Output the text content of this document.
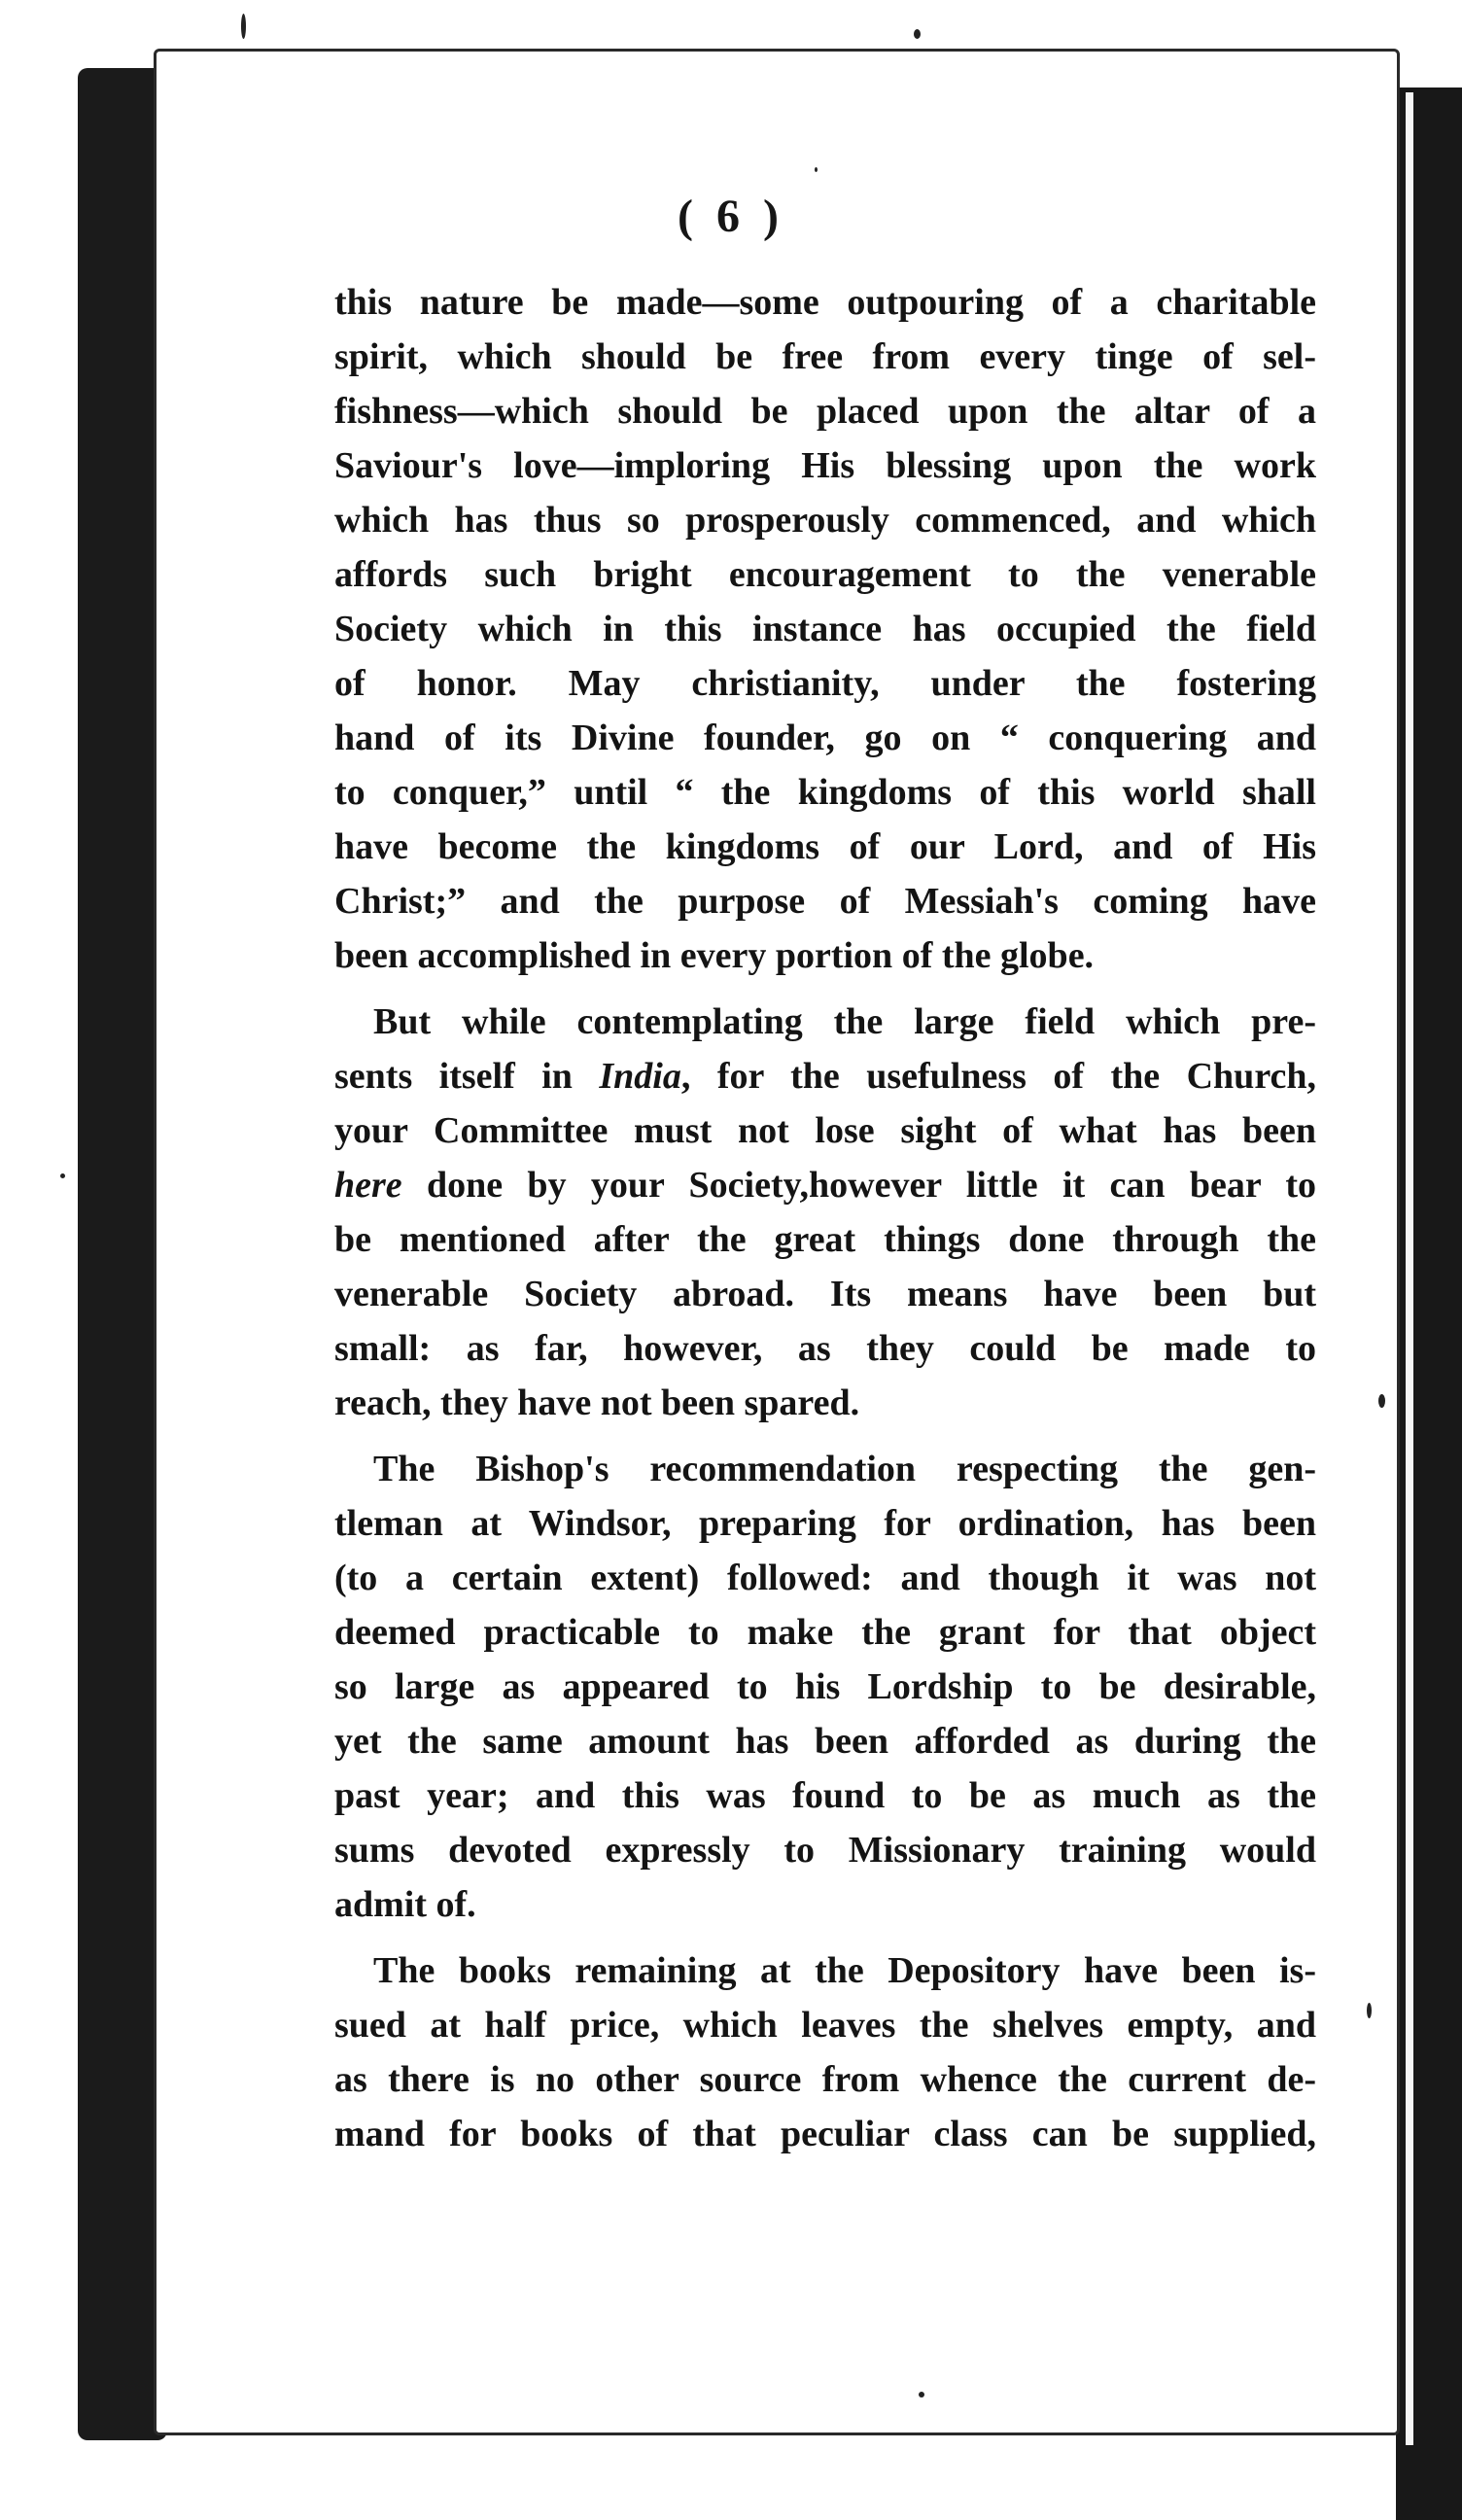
( 6 )
this nature be made—some outpouring of a charitable
spirit, which should be free from every tinge of sel-
fishness—which should be placed upon the altar of a
Saviour's love—imploring His blessing upon the work
which has thus so prosperously commenced, and which
affords such bright encouragement to the venerable
Society which in this instance has occupied the field
of honor. May christianity, under the fostering
hand of its Divine founder, go on “ conquering and
to conquer,” until “ the kingdoms of this world shall
have become the kingdoms of our Lord, and of His
Christ;” and the purpose of Messiah's coming have
been accomplished in every portion of the globe.
But while contemplating the large field which pre-
sents itself in India, for the usefulness of the Church,
your Committee must not lose sight of what has been
here done by your Society,however little it can bear to
be mentioned after the great things done through the
venerable Society abroad. Its means have been but
small: as far, however, as they could be made to
reach, they have not been spared.
The Bishop's recommendation respecting the gen-
tleman at Windsor, preparing for ordination, has been
(to a certain extent) followed: and though it was not
deemed practicable to make the grant for that object
so large as appeared to his Lordship to be desirable,
yet the same amount has been afforded as during the
past year; and this was found to be as much as the
sums devoted expressly to Missionary training would
admit of.
The books remaining at the Depository have been is-
sued at half price, which leaves the shelves empty, and
as there is no other source from whence the current de-
mand for books of that peculiar class can be supplied,
